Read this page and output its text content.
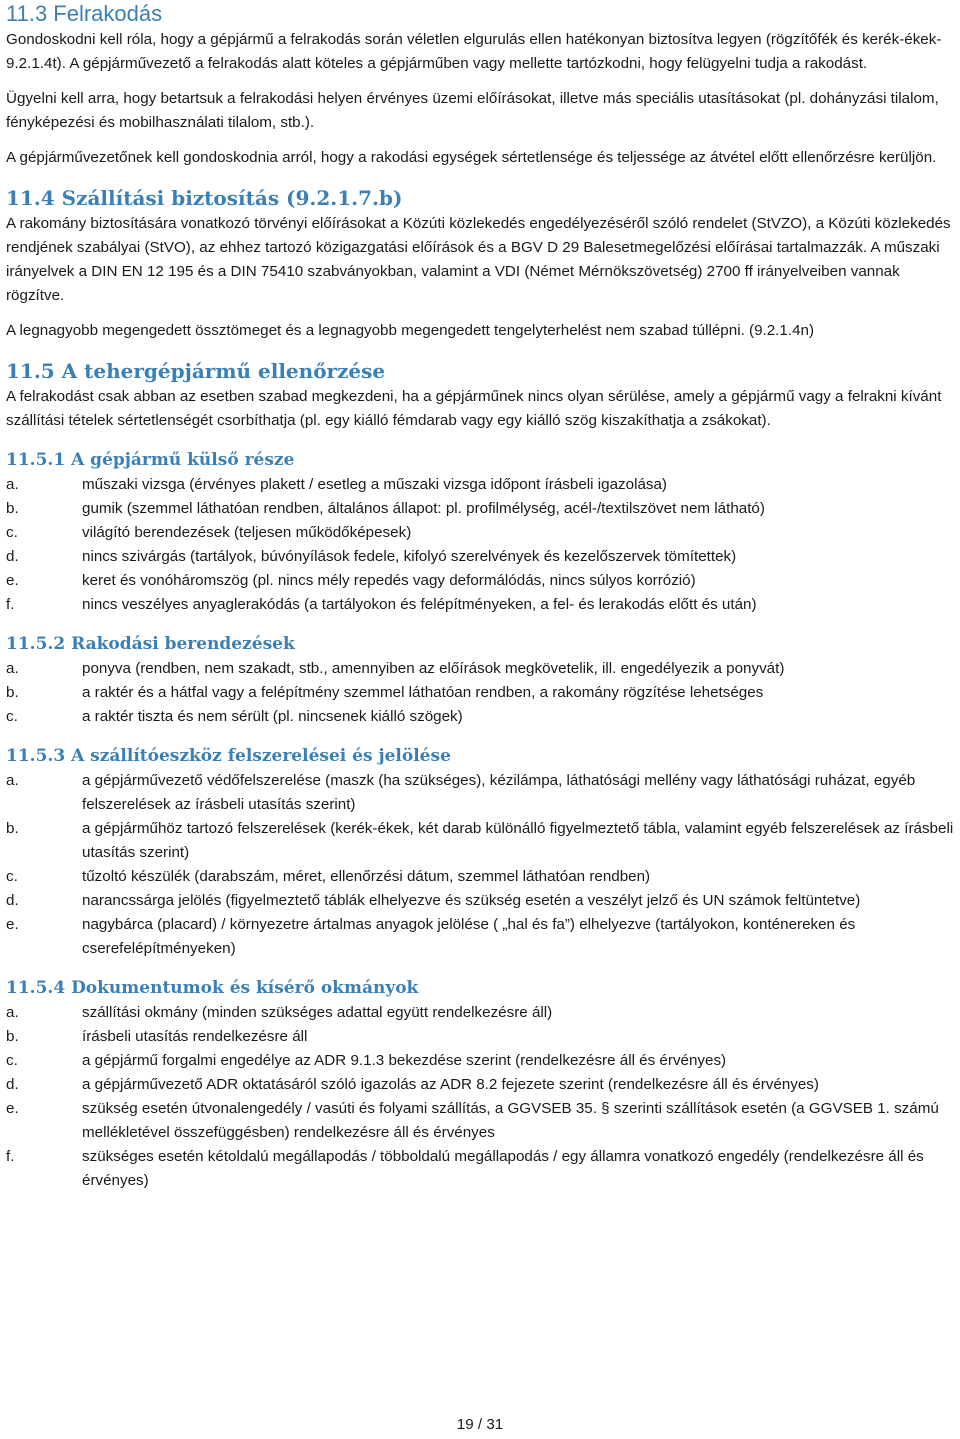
11.3 Felrakodás

Gondoskodni kell róla, hogy a gépjármű a felrakodás során véletlen elgurulás ellen hatékonyan biztosítva legyen (rögzítőfék és kerék-ékek-9.2.1.4t). A gépjárművezető a felrakodás alatt köteles a gépjárműben vagy mellette tartózkodni, hogy felügyelni tudja a rakodást.

Ügyelni kell arra, hogy betartsuk a felrakodási helyen érvényes üzemi előírásokat, illetve más speciális utasításokat (pl. dohányzási tilalom, fényképezési és mobilhasználati tilalom, stb.).

A gépjárművezetőnek kell gondoskodnia arról, hogy a rakodási egységek sértetlensége és teljessége az átvétel előtt ellenőrzésre kerüljön.

11.4 Szállítási biztosítás (9.2.1.7.b)

A rakomány biztosítására vonatkozó törvényi előírásokat a Közúti közlekedés engedélyezéséről szóló rendelet (StVZO), a Közúti közlekedés rendjének szabályai (StVO), az ehhez tartozó közigazgatási előírások és a BGV D 29 Balesetmegelőzési előírásai tartalmazzák. A műszaki irányelvek a DIN EN 12 195 és a DIN 75410 szabványokban, valamint a VDI (Német Mérnökszövetség) 2700 ff irányelveiben vannak rögzítve.

A legnagyobb megengedett össztömeget és a legnagyobb megengedett tengelyterhelést nem szabad túllépni. (9.2.1.4n)

11.5 A tehergépjármű ellenőrzése

A felrakodást csak abban az esetben szabad megkezdeni, ha a gépjárműnek nincs olyan sérülése, amely a gépjármű vagy a felrakni kívánt szállítási tételek sértetlenségét csorbíthatja (pl. egy kiálló fémdarab vagy egy kiálló szög kiszakíthatja a zsákokat).

11.5.1 A gépjármű külső része
a.	műszaki vizsga (érvényes plakett / esetleg a műszaki vizsga időpont írásbeli igazolása)
b.	gumik (szemmel láthatóan rendben, általános állapot: pl. profilmélység, acél-/textilszövet nem látható)
c.	világító berendezések (teljesen működőképesek)
d.	nincs szivárgás (tartályok, búvónyílások fedele, kifolyó szerelvények és kezelőszervek tömítettek)
e.	keret és vonóháromszög (pl. nincs mély repedés vagy deformálódás, nincs súlyos korrózió)
f.	nincs veszélyes anyaglerakódás (a tartályokon és felépítményeken, a fel- és lerakodás előtt és után)
11.5.2 Rakodási berendezések
a.	ponyva (rendben, nem szakadt, stb., amennyiben az előírások megkövetelik, ill. engedélyezik a ponyvát)
b.	a raktér és a hátfal vagy a felépítmény szemmel láthatóan rendben, a rakomány rögzítése lehetséges
c.	a raktér tiszta és nem sérült (pl. nincsenek kiálló szögek)
11.5.3 A szállítóeszköz felszerelései és jelölése
a.	a gépjárművezető védőfelszerelése (maszk (ha szükséges), kézilámpa, láthatósági mellény vagy láthatósági ruházat, egyéb felszerelések az írásbeli utasítás szerint)
b.	a gépjárműhöz tartozó felszerelések (kerék-ékek, két darab különálló figyelmeztető tábla, valamint egyéb felszerelések az írásbeli utasítás szerint)
c.	tűzoltó készülék (darabszám, méret, ellenőrzési dátum, szemmel láthatóan rendben)
d.	narancssárga jelölés (figyelmeztető táblák elhelyezve és szükség esetén a veszélyt jelző és UN számok feltüntetve)
e.	nagybárca (placard) / környezetre ártalmas anyagok jelölése ( „hal és fa”) elhelyezve (tartályokon, konténereken és cserefelépítményeken)
11.5.4 Dokumentumok és kísérő okmányok
a.	szállítási okmány (minden szükséges adattal együtt rendelkezésre áll)
b.	írásbeli utasítás rendelkezésre áll
c.	a gépjármű forgalmi engedélye az ADR 9.1.3 bekezdése szerint (rendelkezésre áll és érvényes)
d.	a gépjárművezető ADR oktatásáról szóló igazolás az ADR 8.2 fejezete szerint (rendelkezésre áll és érvényes)
e.	szükség esetén útvonalengedély / vasúti és folyami szállítás, a GGVSEB 35. § szerinti szállítások esetén (a GGVSEB 1. számú mellékletével összefüggésben) rendelkezésre áll és érvényes
f.	szükséges esetén kétoldalú megállapodás / többoldalú megállapodás / egy államra vonatkozó engedély (rendelkezésre áll és érvényes)
19 / 31
